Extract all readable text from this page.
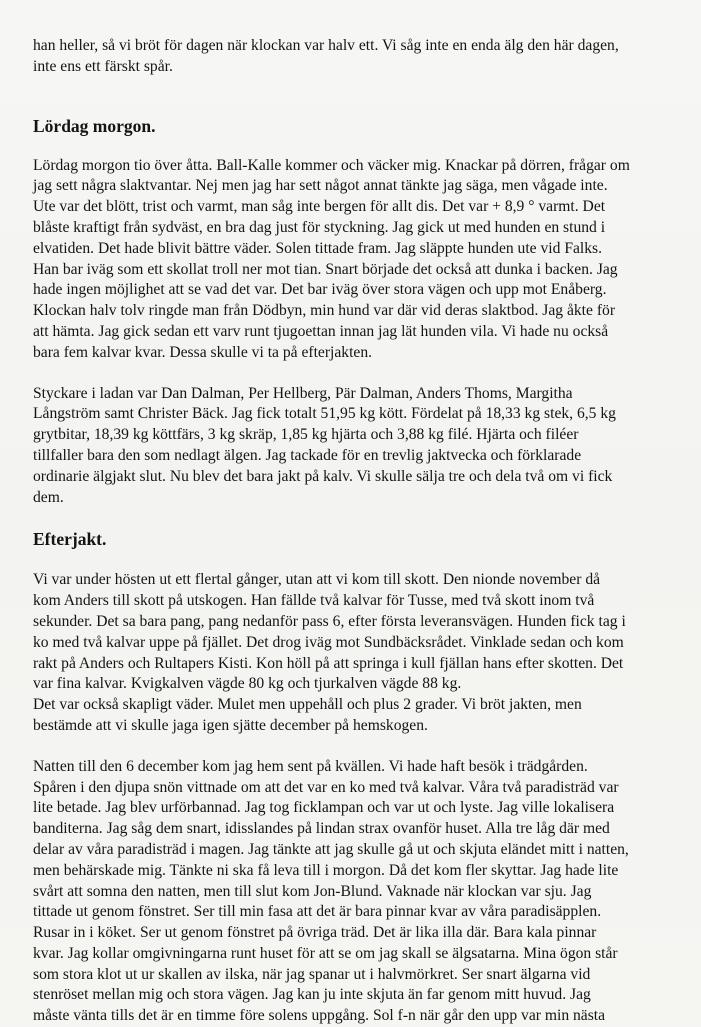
han heller, så vi bröt för dagen när klockan var halv ett. Vi såg inte en enda älg den här dagen,
inte ens ett färskt spår.

Lördag morgon.

Lördag morgon tio över åtta. Ball-Kalle kommer och väcker mig. Knackar på dörren, frågar om
jag sett några slaktvantar. Nej men jag har sett något annat tänkte jag säga, men vågade inte.
Ute var det blött, trist och varmt, man såg inte bergen för allt dis. Det var + 8,9 ° varmt. Det
blåste kraftigt från sydväst, en bra dag just för styckning. Jag gick ut med hunden en stund i
elvatiden. Det hade blivit bättre väder. Solen tittade fram. Jag släppte hunden ute vid Falks.
Han bar iväg som ett skollat troll ner mot tian. Snart började det också att dunka i backen. Jag
hade ingen möjlighet att se vad det var. Det bar iväg över stora vägen och upp mot Enåberg.
Klockan halv tolv ringde man från Dödbyn, min hund var där vid deras slaktbod. Jag åkte för
att hämta. Jag gick sedan ett varv runt tjugoettan innan jag lät hunden vila. Vi hade nu också
bara fem kalvar kvar. Dessa skulle vi ta på efterjakten.

Styckare i ladan var Dan Dalman, Per Hellberg, Pär Dalman, Anders Thoms, Margitha
Långström samt Christer Bäck. Jag fick totalt 51,95 kg kött. Fördelat på 18,33 kg stek, 6,5 kg
grytbitar, 18,39 kg köttfärs, 3 kg skräp, 1,85 kg hjärta och 3,88 kg filé. Hjärta och filéer
tillfaller bara den som nedlagt älgen. Jag tackade för en trevlig jaktvecka och förklarade
ordinarie älgjakt slut. Nu blev det bara jakt på kalv. Vi skulle sälja tre och dela två om vi fick
dem.

Efterjakt.

Vi var under hösten ut ett flertal gånger, utan att vi kom till skott. Den nionde november då
kom Anders till skott på utskogen. Han fällde två kalvar för Tusse, med två skott inom två
sekunder. Det sa bara pang, pang nedanför pass 6, efter första leveransvägen. Hunden fick tag i
ko med två kalvar uppe på fjället. Det drog iväg mot Sundbäcksrådet. Vinklade sedan och kom
rakt på Anders och Rultapers Kisti. Kon höll på att springa i kull fjällan hans efter skotten. Det
var fina kalvar. Kvigkalven vägde 80 kg och tjurkalven vägde 88 kg.
Det var också skapligt väder. Mulet men uppehåll och plus 2 grader. Vi bröt jakten, men
bestämde att vi skulle jaga igen sjätte december på hemskogen.

Natten till den 6 december kom jag hem sent på kvällen. Vi hade haft besök i trädgården.
Spåren i den djupa snön vittnade om att det var en ko med två kalvar. Våra två paradisträd var
lite betade. Jag blev urförbannad. Jag tog ficklampan och var ut och lyste. Jag ville lokalisera
banditerna. Jag såg dem snart, idisslandes på lindan strax ovanför huset. Alla tre låg där med
delar av våra paradisträd i magen. Jag tänkte att jag skulle gå ut och skjuta eländet mitt i natten,
men behärskade mig. Tänkte ni ska få leva till i morgon. Då det kom fler skyttar. Jag hade lite
svårt att somna den natten, men till slut kom Jon-Blund. Vaknade när klockan var sju. Jag
tittade ut genom fönstret. Ser till min fasa att det är bara pinnar kvar av våra paradisäpplen.
Rusar in i köket. Ser ut genom fönstret på övriga träd. Det är lika illa där. Bara kala pinnar
kvar. Jag kollar omgivningarna runt huset för att se om jag skall se älgsatarna. Mina ögon står
som stora klot ut ur skallen av ilska, när jag spanar ut i halvmörkret. Ser snart älgarna vid
stenröset mellan mig och stora vägen. Jag kan ju inte skjuta än far genom mitt huvud. Jag
måste vänta tills det är en timme före solens uppgång. Sol f-n när går den upp var min nästa
